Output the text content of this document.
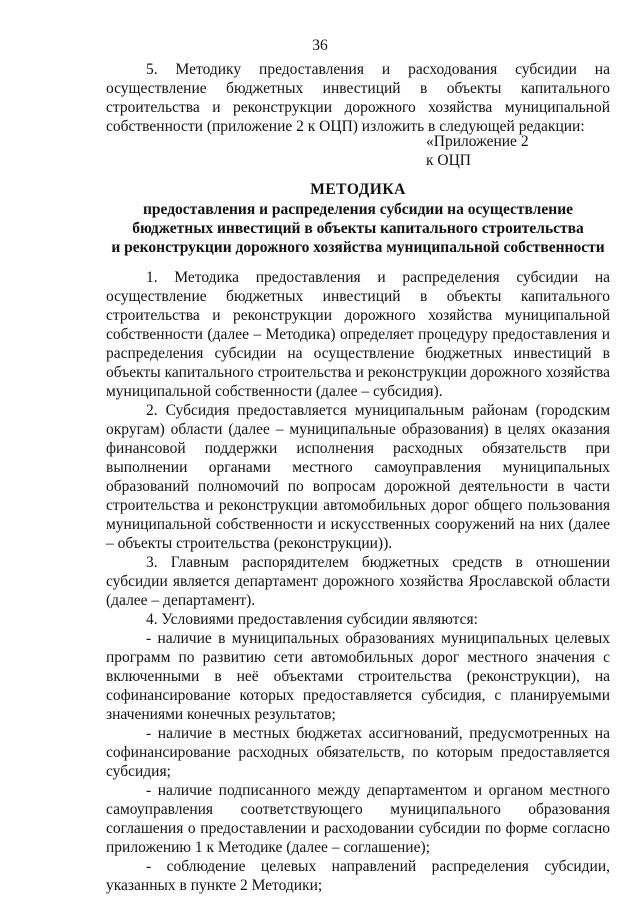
36

5. Методику предоставления и расходования субсидии на осуществление бюджетных инвестиций в объекты капитального строительства и реконструкции дорожного хозяйства муниципальной собственности (приложение 2 к ОЦП) изложить в следующей редакции:

«Приложение 2
к ОЦП
МЕТОДИКА
предоставления и распределения субсидии на осуществление
бюджетных инвестиций в объекты капитального строительства
и реконструкции дорожного хозяйства муниципальной собственности

1. Методика предоставления и распределения субсидии на осуществление бюджетных инвестиций в объекты капитального строительства и реконструкции дорожного хозяйства муниципальной собственности (далее – Методика) определяет процедуру предоставления и распределения субсидии на осуществление бюджетных инвестиций в объекты капитального строительства и реконструкции дорожного хозяйства муниципальной собственности (далее – субсидия).

2. Субсидия предоставляется муниципальным районам (городским округам) области (далее – муниципальные образования) в целях оказания финансовой поддержки исполнения расходных обязательств при выполнении органами местного самоуправления муниципальных образований полномочий по вопросам дорожной деятельности в части строительства и реконструкции автомобильных дорог общего пользования муниципальной собственности и искусственных сооружений на них (далее – объекты строительства (реконструкции)).

3. Главным распорядителем бюджетных средств в отношении субсидии является департамент дорожного хозяйства Ярославской области (далее – департамент).

4. Условиями предоставления субсидии являются:

- наличие в муниципальных образованиях муниципальных целевых программ по развитию сети автомобильных дорог местного значения с включенными в неё объектами строительства (реконструкции), на софинансирование которых предоставляется субсидия, с планируемыми значениями конечных результатов;

- наличие в местных бюджетах ассигнований, предусмотренных на софинансирование расходных обязательств, по которым предоставляется субсидия;

- наличие подписанного между департаментом и органом местного самоуправления соответствующего муниципального образования соглашения о предоставлении и расходовании субсидии по форме согласно приложению 1 к Методике (далее – соглашение);

- соблюдение целевых направлений распределения субсидии, указанных в пункте 2 Методики;
